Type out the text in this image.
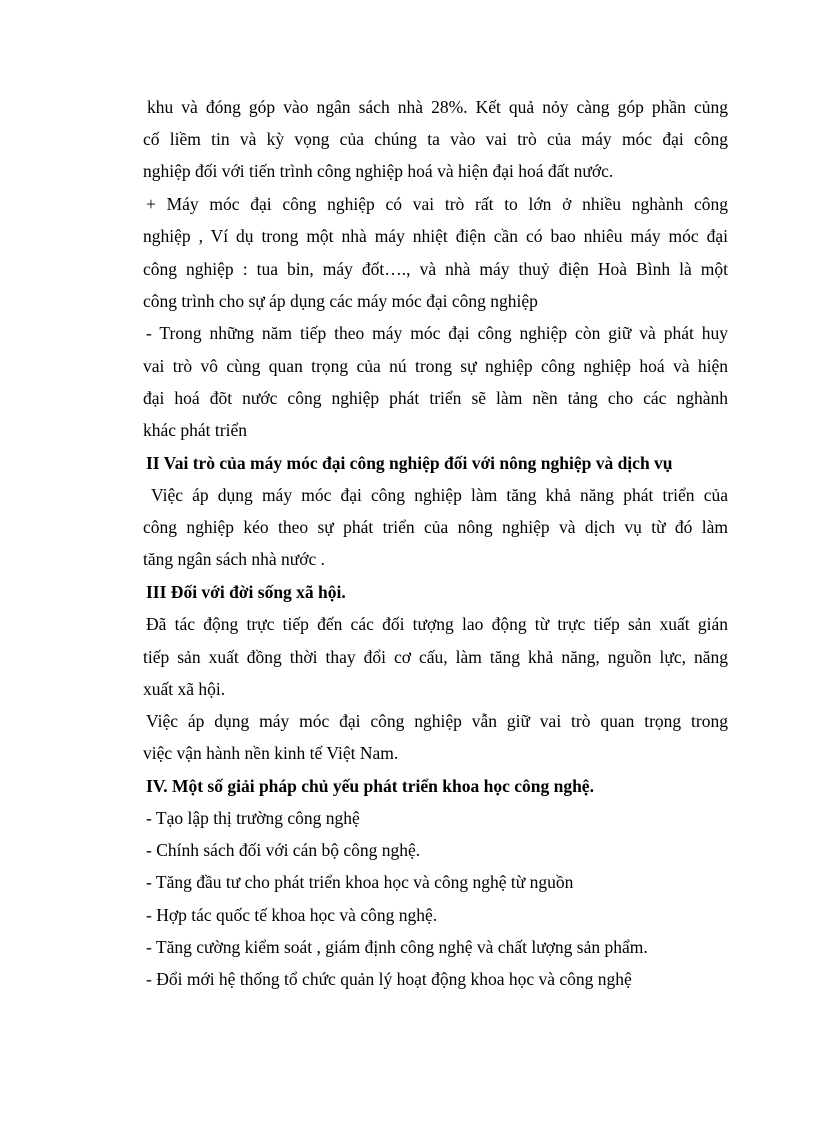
khu và đóng góp vào ngân sách nhà 28%. Kết quả nỏy càng góp phần củng
cố liềm tin và kỳ vọng của chúng ta vào vai trò của máy móc đại công
nghiệp đối với tiến trình công nghiệp hoá và hiện đại hoá đất nước.
+ Máy móc đại công nghiệp có vai trò rất to lớn ở nhiều nghành công
nghiệp , Ví dụ trong một nhà máy nhiệt điện cần có bao nhiêu máy móc đại
công nghiệp : tua bin, máy đốt…., và nhà máy thuỷ điện Hoà Bình là một
công trình cho sự áp dụng các máy móc đại công nghiệp
- Trong những năm tiếp theo máy móc đại công nghiệp còn giữ và phát huy
vai trò vô cùng quan trọng của nú trong sự nghiệp công nghiệp hoá và hiện
đại hoá đõt nước công nghiệp phát triển sẽ làm nền tảng cho các nghành
khác phát triển
II Vai trò của máy móc đại công nghiệp đối với nông nghiệp và dịch vụ
Việc áp dụng máy móc đại công nghiệp làm tăng khả năng phát triển của
công nghiệp kéo theo sự phát triển của nông nghiệp và dịch vụ từ đó làm
tăng ngân sách nhà nước .
III Đối với đời sống xã hội.
Đã tác động trực tiếp đến các đối tượng lao động từ trực tiếp sản xuất gián
tiếp sản xuất đồng thời thay đổi cơ cấu, làm tăng khả năng, nguồn lực, năng
xuất xã hội.
Việc áp dụng máy móc đại công nghiệp vẫn giữ vai trò quan trọng trong
việc vận hành nền kinh tế Việt Nam.
IV. Một số giải pháp chủ yếu phát triển khoa học công nghệ.
- Tạo lập thị trường công nghệ
- Chính sách đối với cán bộ công nghệ.
- Tăng đầu tư cho phát triển khoa học và công nghệ từ nguồn
- Hợp tác quốc tế khoa học và công nghệ.
- Tăng cường kiểm soát , giám định công nghệ và chất lượng sản phẩm.
- Đổi mới hệ thống tổ chức quản lý hoạt động khoa học và công nghệ
